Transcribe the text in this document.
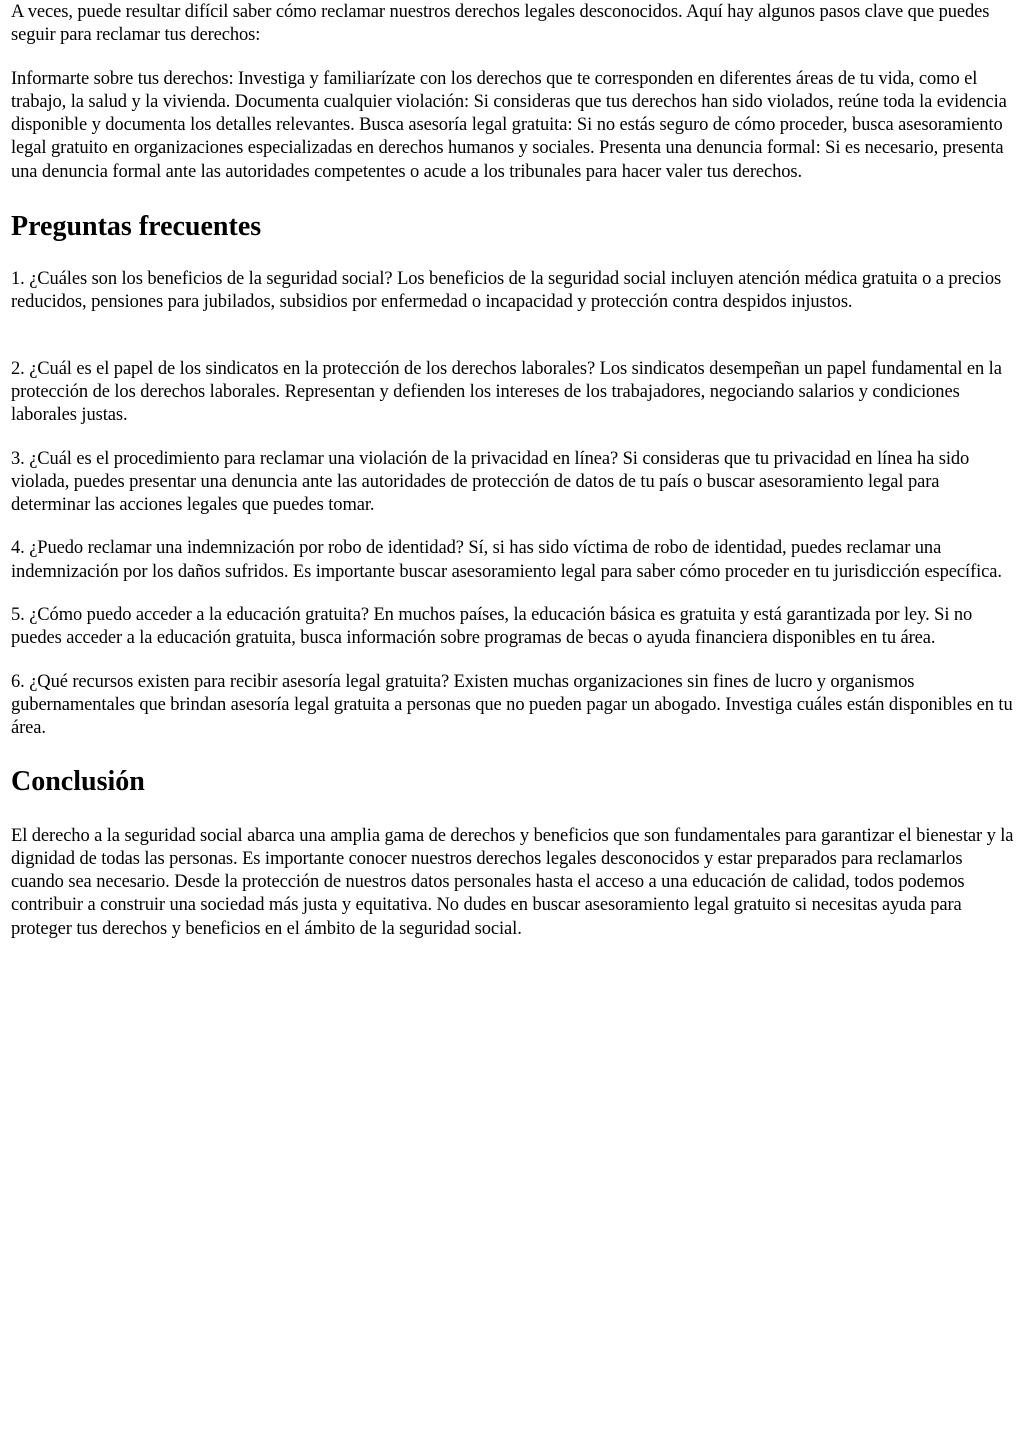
A veces, puede resultar difícil saber cómo reclamar nuestros derechos legales desconocidos. Aquí hay algunos pasos clave que puedes seguir para reclamar tus derechos:

Informarte sobre tus derechos: Investiga y familiarízate con los derechos que te corresponden en diferentes áreas de tu vida, como el trabajo, la salud y la vivienda. Documenta cualquier violación: Si consideras que tus derechos han sido violados, reúne toda la evidencia disponible y documenta los detalles relevantes. Busca asesoría legal gratuita: Si no estás seguro de cómo proceder, busca asesoramiento legal gratuito en organizaciones especializadas en derechos humanos y sociales. Presenta una denuncia formal: Si es necesario, presenta una denuncia formal ante las autoridades competentes o acude a los tribunales para hacer valer tus derechos.

Preguntas frecuentes

1. ¿Cuáles son los beneficios de la seguridad social? Los beneficios de la seguridad social incluyen atención médica gratuita o a precios reducidos, pensiones para jubilados, subsidios por enfermedad o incapacidad y protección contra despidos injustos.

2. ¿Cuál es el papel de los sindicatos en la protección de los derechos laborales? Los sindicatos desempeñan un papel fundamental en la protección de los derechos laborales. Representan y defienden los intereses de los trabajadores, negociando salarios y condiciones laborales justas.

3. ¿Cuál es el procedimiento para reclamar una violación de la privacidad en línea? Si consideras que tu privacidad en línea ha sido violada, puedes presentar una denuncia ante las autoridades de protección de datos de tu país o buscar asesoramiento legal para determinar las acciones legales que puedes tomar.

4. ¿Puedo reclamar una indemnización por robo de identidad? Sí, si has sido víctima de robo de identidad, puedes reclamar una indemnización por los daños sufridos. Es importante buscar asesoramiento legal para saber cómo proceder en tu jurisdicción específica.

5. ¿Cómo puedo acceder a la educación gratuita? En muchos países, la educación básica es gratuita y está garantizada por ley. Si no puedes acceder a la educación gratuita, busca información sobre programas de becas o ayuda financiera disponibles en tu área.

6. ¿Qué recursos existen para recibir asesoría legal gratuita? Existen muchas organizaciones sin fines de lucro y organismos gubernamentales que brindan asesoría legal gratuita a personas que no pueden pagar un abogado. Investiga cuáles están disponibles en tu área.

Conclusión

El derecho a la seguridad social abarca una amplia gama de derechos y beneficios que son fundamentales para garantizar el bienestar y la dignidad de todas las personas. Es importante conocer nuestros derechos legales desconocidos y estar preparados para reclamarlos cuando sea necesario. Desde la protección de nuestros datos personales hasta el acceso a una educación de calidad, todos podemos contribuir a construir una sociedad más justa y equitativa. No dudes en buscar asesoramiento legal gratuito si necesitas ayuda para proteger tus derechos y beneficios en el ámbito de la seguridad social.
